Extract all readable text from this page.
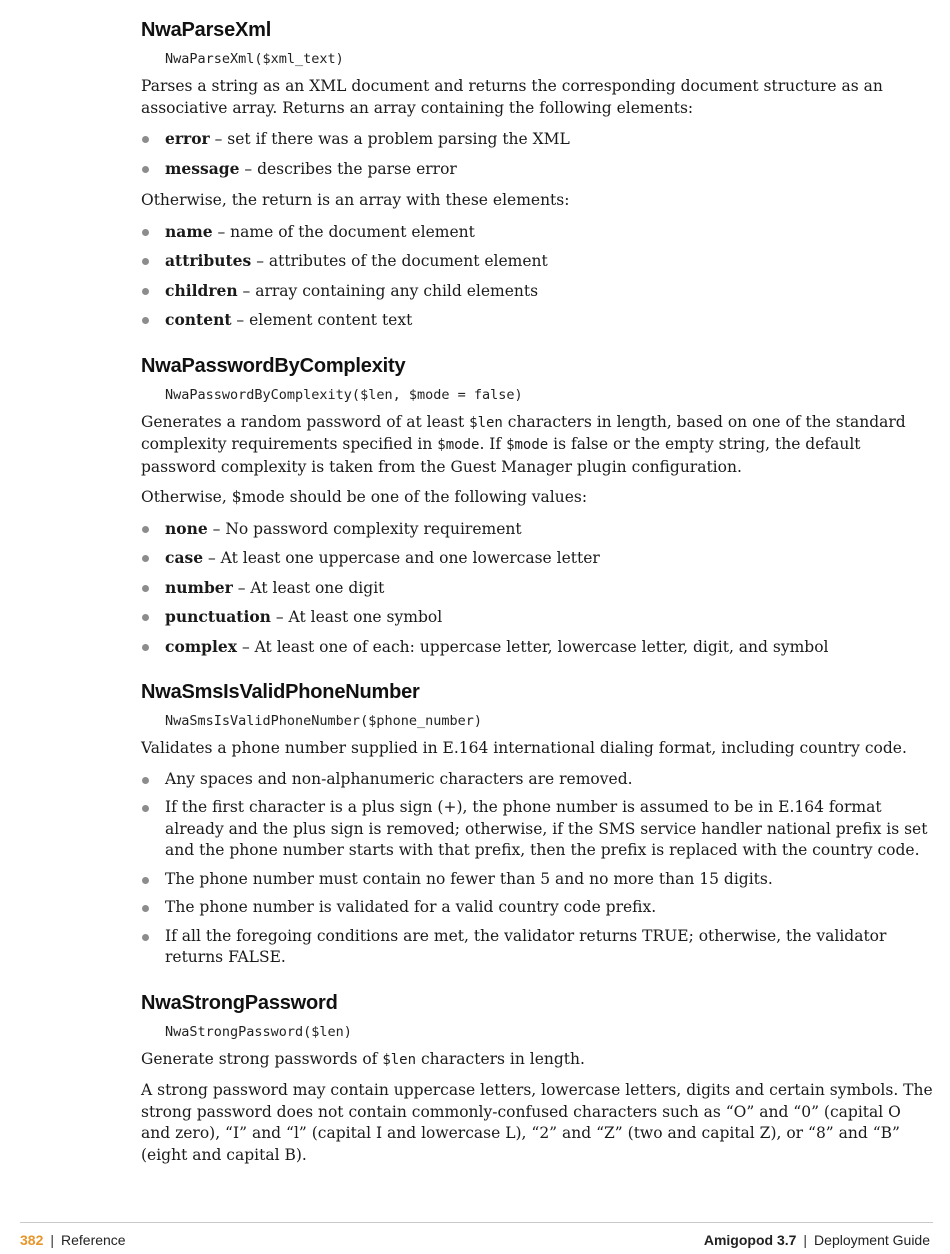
NwaParseXml
NwaParseXml($xml_text)

Parses a string as an XML document and returns the corresponding document structure as an associative array. Returns an array containing the following elements:

error – set if there was a problem parsing the XML
message – describes the parse error

Otherwise, the return is an array with these elements:

name – name of the document element
attributes – attributes of the document element
children – array containing any child elements
content – element content text
NwaPasswordByComplexity
NwaPasswordByComplexity($len, $mode = false)

Generates a random password of at least $len characters in length, based on one of the standard complexity requirements specified in $mode. If $mode is false or the empty string, the default password complexity is taken from the Guest Manager plugin configuration.

Otherwise, $mode should be one of the following values:

none – No password complexity requirement
case – At least one uppercase and one lowercase letter
number – At least one digit
punctuation – At least one symbol
complex – At least one of each: uppercase letter, lowercase letter, digit, and symbol
NwaSmsIsValidPhoneNumber
NwaSmsIsValidPhoneNumber($phone_number)

Validates a phone number supplied in E.164 international dialing format, including country code.

Any spaces and non-alphanumeric characters are removed.
If the first character is a plus sign (+), the phone number is assumed to be in E.164 format already and the plus sign is removed; otherwise, if the SMS service handler national prefix is set and the phone number starts with that prefix, then the prefix is replaced with the country code.
The phone number must contain no fewer than 5 and no more than 15 digits.
The phone number is validated for a valid country code prefix.
If all the foregoing conditions are met, the validator returns TRUE; otherwise, the validator returns FALSE.
NwaStrongPassword
NwaStrongPassword($len)

Generate strong passwords of $len characters in length.

A strong password may contain uppercase letters, lowercase letters, digits and certain symbols. The strong password does not contain commonly-confused characters such as “O” and “0” (capital O and zero), “I” and “l” (capital I and lowercase L), “2” and “Z” (two and capital Z), or “8” and “B” (eight and capital B).

382 | Reference	Amigopod 3.7 | Deployment Guide
